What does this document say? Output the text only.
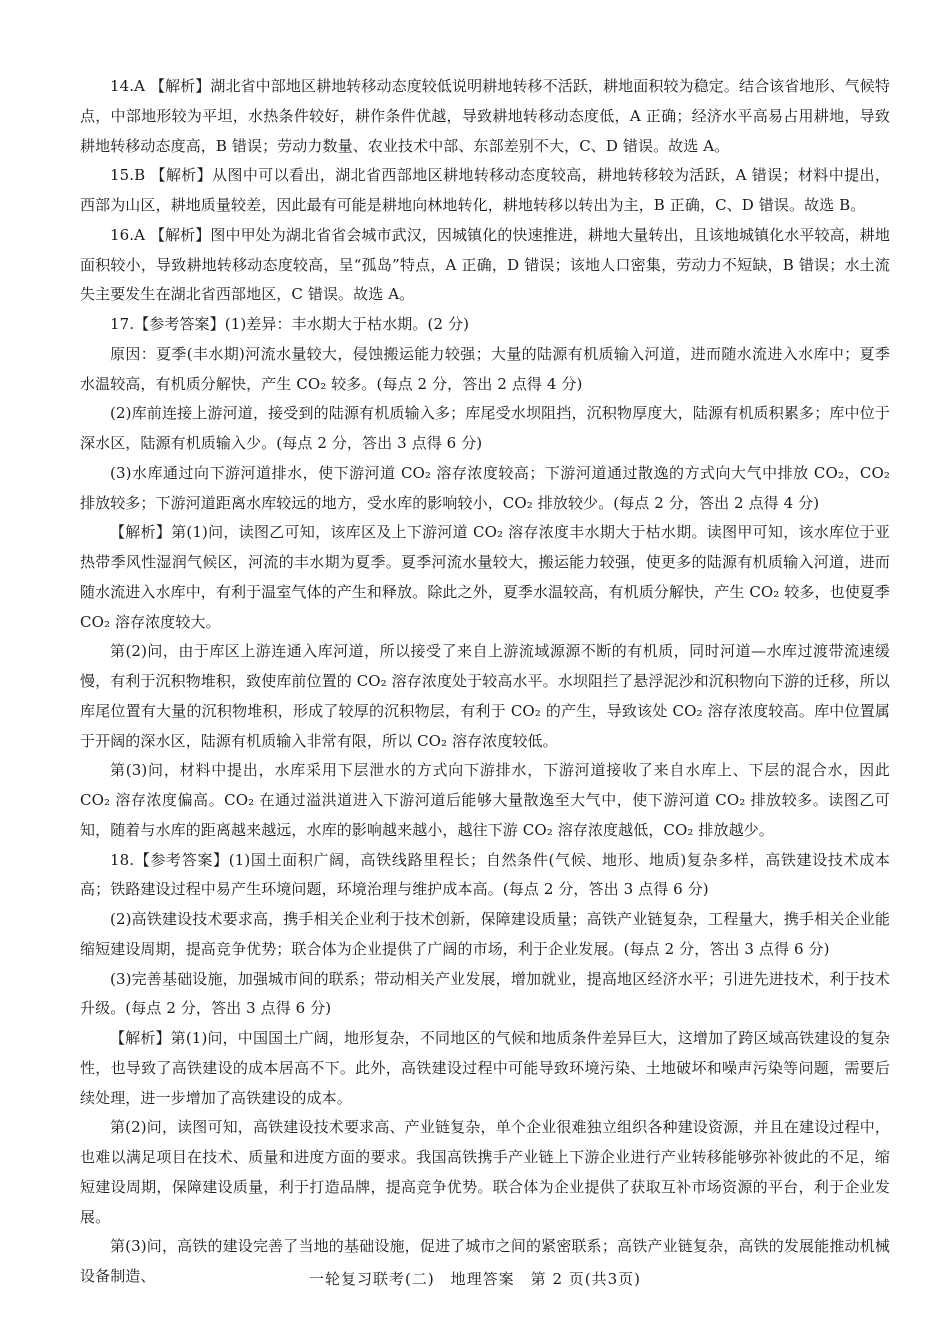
14.A 【解析】湖北省中部地区耕地转移动态度较低说明耕地转移不活跃，耕地面积较为稳定。结合该省地形、气候特点，中部地形较为平坦，水热条件较好，耕作条件优越，导致耕地转移动态度低，A 正确；经济水平高易占用耕地，导致耕地转移动态度高，B 错误；劳动力数量、农业技术中部、东部差别不大，C、D 错误。故选 A。

15.B 【解析】从图中可以看出，湖北省西部地区耕地转移动态度较高，耕地转移较为活跃，A 错误；材料中提出，西部为山区，耕地质量较差，因此最有可能是耕地向林地转化，耕地转移以转出为主，B 正确，C、D 错误。故选 B。

16.A 【解析】图中甲处为湖北省省会城市武汉，因城镇化的快速推进，耕地大量转出，且该地城镇化水平较高，耕地面积较小，导致耕地转移动态度较高，呈“孤岛”特点，A 正确，D 错误；该地人口密集，劳动力不短缺，B 错误；水土流失主要发生在湖北省西部地区，C 错误。故选 A。

17.【参考答案】(1)差异：丰水期大于枯水期。(2 分)

原因：夏季(丰水期)河流水量较大，侵蚀搬运能力较强；大量的陆源有机质输入河道，进而随水流进入水库中；夏季水温较高，有机质分解快，产生 CO₂ 较多。(每点 2 分，答出 2 点得 4 分)

(2)库前连接上游河道，接受到的陆源有机质输入多；库尾受水坝阻挡，沉积物厚度大，陆源有机质积累多；库中位于深水区，陆源有机质输入少。(每点 2 分，答出 3 点得 6 分)

(3)水库通过向下游河道排水，使下游河道 CO₂ 溶存浓度较高；下游河道通过散逸的方式向大气中排放 CO₂，CO₂ 排放较多；下游河道距离水库较远的地方，受水库的影响较小，CO₂ 排放较少。(每点 2 分，答出 2 点得 4 分)

【解析】第(1)问，读图乙可知，该库区及上下游河道 CO₂ 溶存浓度丰水期大于枯水期。读图甲可知，该水库位于亚热带季风性湿润气候区，河流的丰水期为夏季。夏季河流水量较大，搬运能力较强，使更多的陆源有机质输入河道，进而随水流进入水库中，有利于温室气体的产生和释放。除此之外，夏季水温较高，有机质分解快，产生 CO₂ 较多，也使夏季 CO₂ 溶存浓度较大。

第(2)问，由于库区上游连通入库河道，所以接受了来自上游流域源源不断的有机质，同时河道—水库过渡带流速缓慢，有利于沉积物堆积，致使库前位置的 CO₂ 溶存浓度处于较高水平。水坝阻拦了悬浮泥沙和沉积物向下游的迁移，所以库尾位置有大量的沉积物堆积，形成了较厚的沉积物层，有利于 CO₂ 的产生，导致该处 CO₂ 溶存浓度较高。库中位置属于开阔的深水区，陆源有机质输入非常有限，所以 CO₂ 溶存浓度较低。

第(3)问，材料中提出，水库采用下层泄水的方式向下游排水，下游河道接收了来自水库上、下层的混合水，因此 CO₂ 溶存浓度偏高。CO₂ 在通过溢洪道进入下游河道后能够大量散逸至大气中，使下游河道 CO₂ 排放较多。读图乙可知，随着与水库的距离越来越远，水库的影响越来越小，越往下游 CO₂ 溶存浓度越低，CO₂ 排放越少。

18.【参考答案】(1)国土面积广阔，高铁线路里程长；自然条件(气候、地形、地质)复杂多样，高铁建设技术成本高；铁路建设过程中易产生环境问题，环境治理与维护成本高。(每点 2 分，答出 3 点得 6 分)

(2)高铁建设技术要求高，携手相关企业利于技术创新，保障建设质量；高铁产业链复杂，工程量大，携手相关企业能缩短建设周期，提高竞争优势；联合体为企业提供了广阔的市场，利于企业发展。(每点 2 分，答出 3 点得 6 分)

(3)完善基础设施，加强城市间的联系；带动相关产业发展，增加就业，提高地区经济水平；引进先进技术，利于技术升级。(每点 2 分，答出 3 点得 6 分)

【解析】第(1)问，中国国土广阔，地形复杂，不同地区的气候和地质条件差异巨大，这增加了跨区域高铁建设的复杂性，也导致了高铁建设的成本居高不下。此外，高铁建设过程中可能导致环境污染、土地破坏和噪声污染等问题，需要后续处理，进一步增加了高铁建设的成本。

第(2)问，读图可知，高铁建设技术要求高、产业链复杂，单个企业很难独立组织各种建设资源，并且在建设过程中，也难以满足项目在技术、质量和进度方面的要求。我国高铁携手产业链上下游企业进行产业转移能够弥补彼此的不足，缩短建设周期，保障建设质量，利于打造品牌，提高竞争优势。联合体为企业提供了获取互补市场资源的平台，利于企业发展。

第(3)问，高铁的建设完善了当地的基础设施，促进了城市之间的紧密联系；高铁产业链复杂，高铁的发展能推动机械设备制造、	一轮复习联考(二)　地理答案　第 2 页(共3页)
